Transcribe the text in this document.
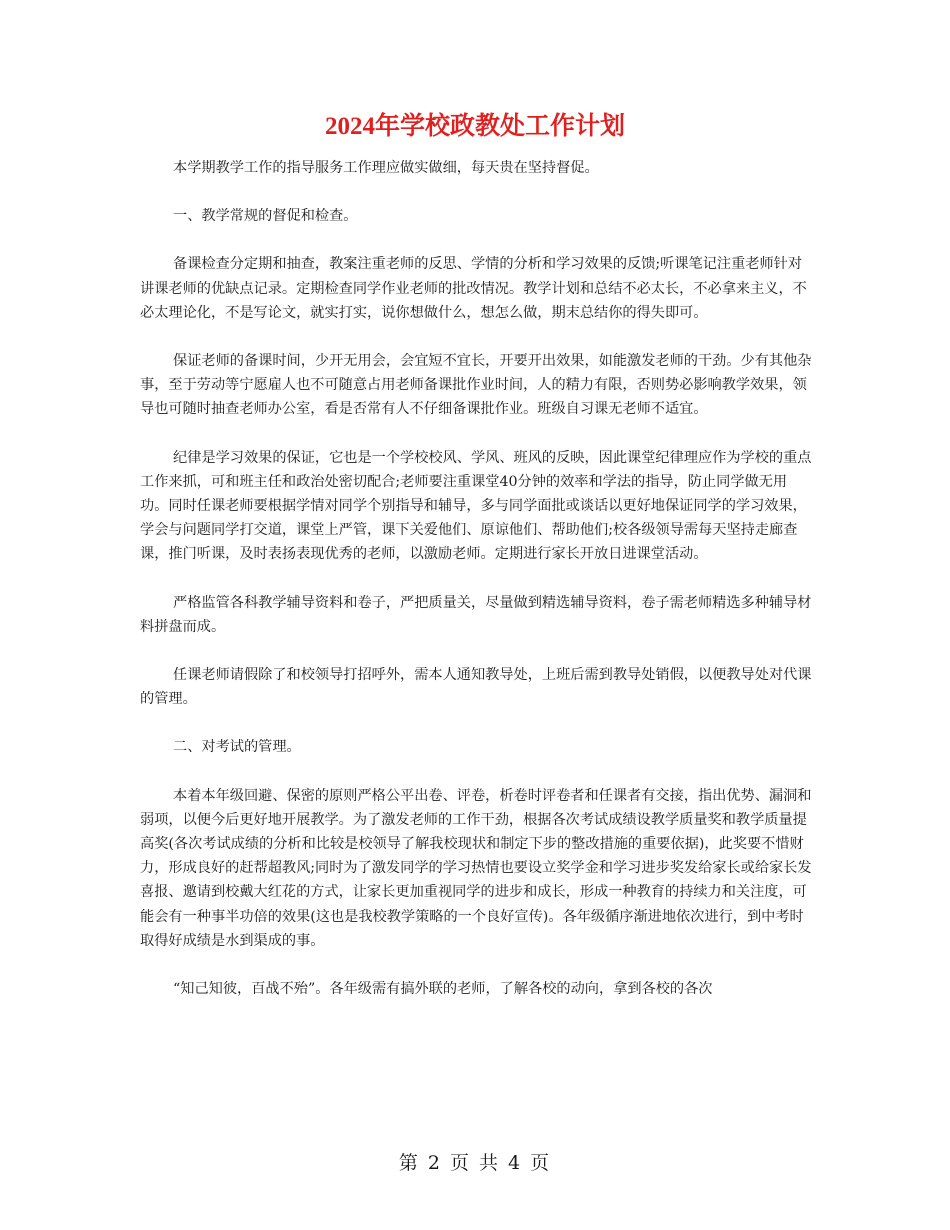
2024年学校政教处工作计划

本学期教学工作的指导服务工作理应做实做细，每天贵在坚持督促。

一、教学常规的督促和检查。

备课检查分定期和抽查，教案注重老师的反思、学情的分析和学习效果的反馈;听课笔记注重老师针对讲课老师的优缺点记录。定期检查同学作业老师的批改情况。教学计划和总结不必太长，不必拿来主义，不必太理论化，不是写论文，就实打实，说你想做什么，想怎么做，期末总结你的得失即可。

保证老师的备课时间，少开无用会，会宜短不宜长，开要开出效果，如能激发老师的干劲。少有其他杂事，至于劳动等宁愿雇人也不可随意占用老师备课批作业时间，人的精力有限，否则势必影响教学效果，领导也可随时抽查老师办公室，看是否常有人不仔细备课批作业。班级自习课无老师不适宜。

纪律是学习效果的保证，它也是一个学校校风、学风、班风的反映，因此课堂纪律理应作为学校的重点工作来抓，可和班主任和政治处密切配合;老师要注重课堂40分钟的效率和学法的指导，防止同学做无用功。同时任课老师要根据学情对同学个别指导和辅导，多与同学面批或谈话以更好地保证同学的学习效果，学会与问题同学打交道，课堂上严管，课下关爱他们、原谅他们、帮助他们;校各级领导需每天坚持走廊查课，推门听课，及时表扬表现优秀的老师，以激励老师。定期进行家长开放日进课堂活动。

严格监管各科教学辅导资料和卷子，严把质量关，尽量做到精选辅导资料，卷子需老师精选多种辅导材料拼盘而成。

任课老师请假除了和校领导打招呼外，需本人通知教导处，上班后需到教导处销假，以便教导处对代课的管理。

二、对考试的管理。

本着本年级回避、保密的原则严格公平出卷、评卷，析卷时评卷者和任课者有交接，指出优势、漏洞和弱项，以便今后更好地开展教学。为了激发老师的工作干劲，根据各次考试成绩设教学质量奖和教学质量提高奖(各次考试成绩的分析和比较是校领导了解我校现状和制定下步的整改措施的重要依据)，此奖要不惜财力，形成良好的赶帮超教风;同时为了激发同学的学习热情也要设立奖学金和学习进步奖发给家长或给家长发喜报、邀请到校戴大红花的方式，让家长更加重视同学的进步和成长，形成一种教育的持续力和关注度，可能会有一种事半功倍的效果(这也是我校教学策略的一个良好宣传)。各年级循序渐进地依次进行，到中考时取得好成绩是水到渠成的事。

“知己知彼，百战不殆”。各年级需有搞外联的老师，了解各校的动向，拿到各校的各次

第 2 页 共 4 页
